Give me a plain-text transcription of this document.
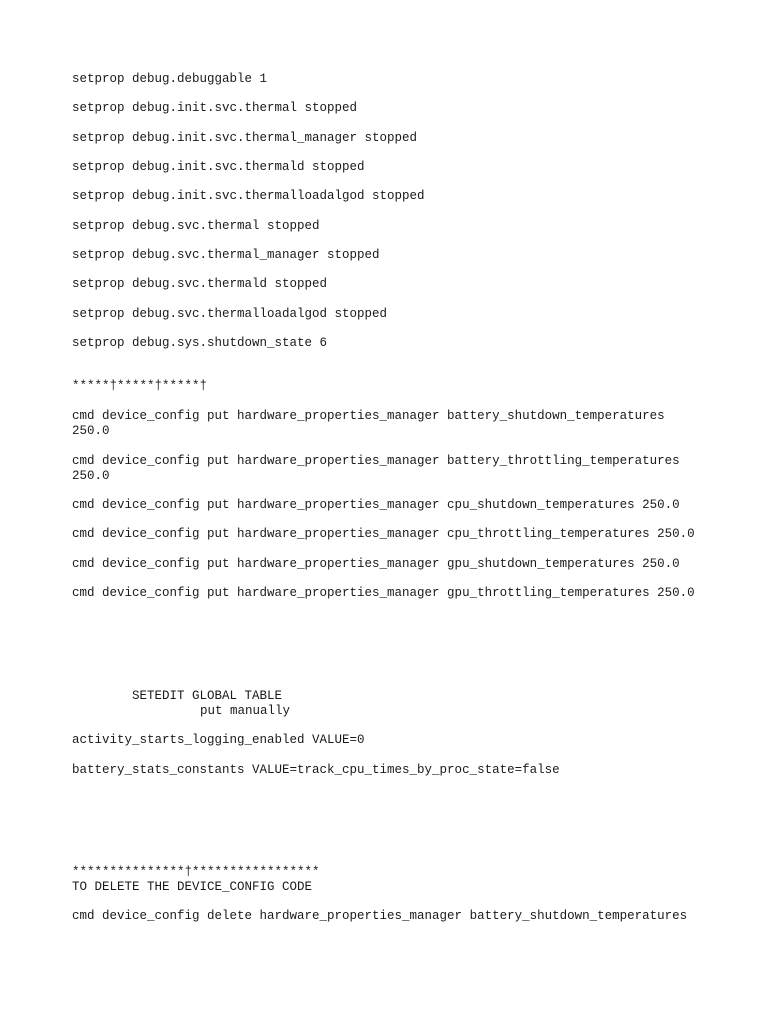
setprop debug.debuggable 1
setprop debug.init.svc.thermal stopped
setprop debug.init.svc.thermal_manager stopped
setprop debug.init.svc.thermald stopped
setprop debug.init.svc.thermalloadalgod stopped
setprop debug.svc.thermal stopped
setprop debug.svc.thermal_manager stopped
setprop debug.svc.thermald stopped
setprop debug.svc.thermalloadalgod stopped
setprop debug.sys.shutdown_state 6
*****†*****†*****†
cmd device_config put hardware_properties_manager battery_shutdown_temperatures
250.0
cmd device_config put hardware_properties_manager battery_throttling_temperatures
250.0
cmd device_config put hardware_properties_manager cpu_shutdown_temperatures 250.0
cmd device_config put hardware_properties_manager cpu_throttling_temperatures 250.0
cmd device_config put hardware_properties_manager gpu_shutdown_temperatures 250.0
cmd device_config put hardware_properties_manager gpu_throttling_temperatures 250.0
SETEDIT GLOBAL TABLE
put manually
activity_starts_logging_enabled VALUE=0
battery_stats_constants VALUE=track_cpu_times_by_proc_state=false
***************†*****************
TO DELETE THE DEVICE_CONFIG CODE
cmd device_config delete hardware_properties_manager battery_shutdown_temperatures
